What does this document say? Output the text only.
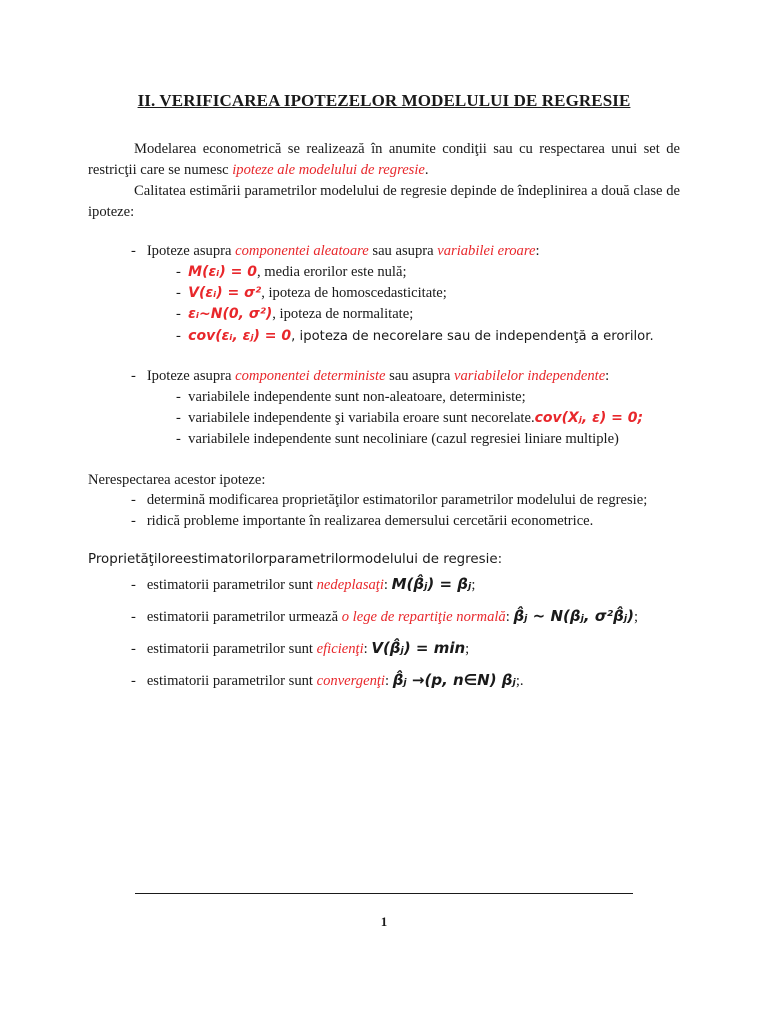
II. VERIFICAREA IPOTEZELOR MODELULUI DE REGRESIE

Modelarea econometrică se realizează în anumite condiţii sau cu respectarea unui set de restricţii care se numesc ipoteze ale modelului de regresie.

Calitatea estimării parametrilor modelului de regresie depinde de îndeplinirea a două clase de ipoteze:

-   Ipoteze asupra componentei aleatoare sau asupra variabilei eroare:
-  M(εᵢ) = 0, media erorilor este nulă;
-  V(εᵢ) = σ², ipoteza de homoscedasticitate;
-  εᵢ~N(0, σ²), ipoteza de normalitate;
-  cov(εᵢ, εⱼ) = 0, ipoteza de necorelare sau de independenţă a erorilor.
-   Ipoteze asupra componentei deterministe sau asupra variabilelor independente:
-  variabilele independente sunt non-aleatoare, deterministe;
-  variabilele independente şi variabila eroare sunt necorelate.cov(Xⱼ, ε) = 0;
-  variabilele independente sunt necoliniare (cazul regresiei liniare multiple)
Nerespectarea acestor ipoteze:
-   determină modificarea proprietăţilor estimatorilor parametrilor modelului de regresie;
-   ridică probleme importante în realizarea demersului cercetării econometrice.
Proprietăţiloreestimatorilorparametrilormodelului de regresie:
-   estimatorii parametrilor sunt nedeplasaţi: M(β̂ⱼ) = βⱼ;
-   estimatorii parametrilor urmează o lege de repartiţie normală: β̂ⱼ ~ N(βⱼ, σ²β̂ⱼ);
-   estimatorii parametrilor sunt eficienţi: V(β̂ⱼ) = min;
-   estimatorii parametrilor sunt convergenţi: β̂ⱼ →(p, n∈N) βⱼ;.
1
